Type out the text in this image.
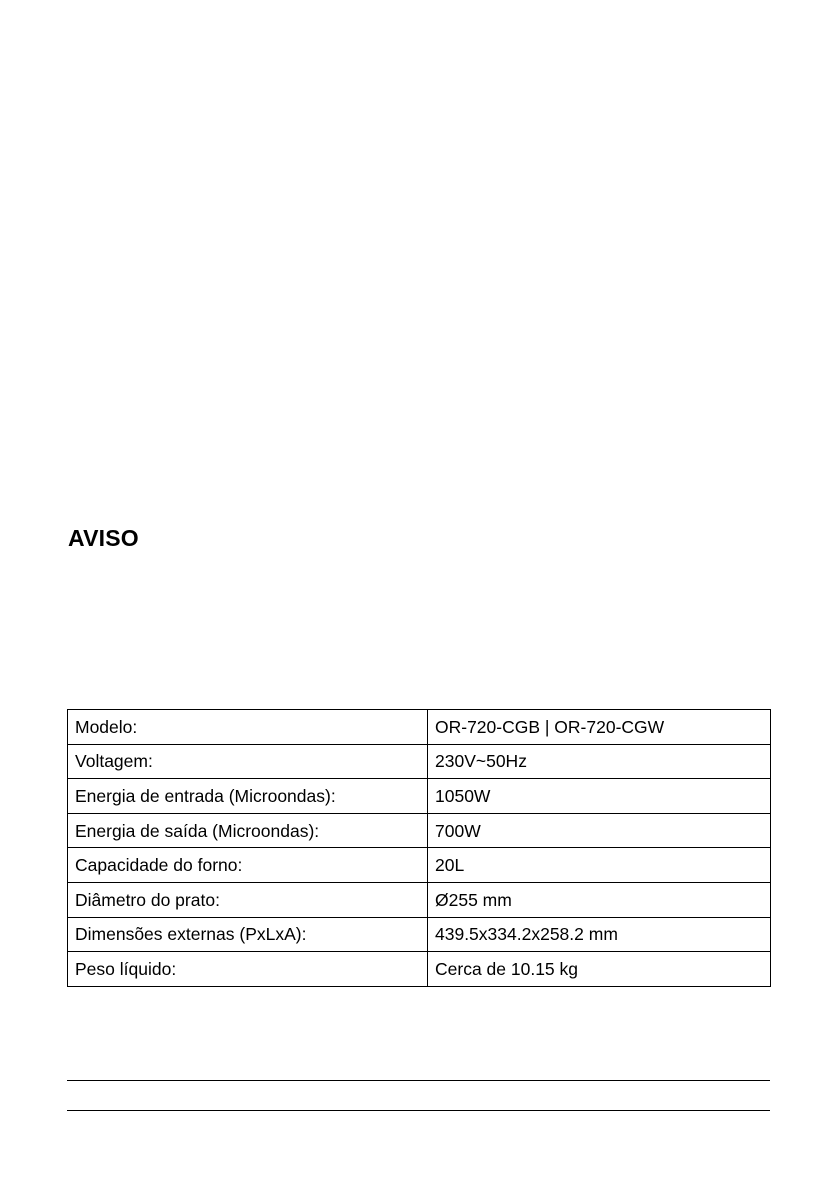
AVISO
Modelo:	OR-720-CGB | OR-720-CGW
Voltagem:	230V~50Hz
Energia de entrada (Microondas):	1050W
Energia de saída (Microondas):	700W
Capacidade do forno:	20L
Diâmetro do prato:	Ø255 mm
Dimensões externas (PxLxA):	439.5x334.2x258.2 mm
Peso líquido:	Cerca de 10.15 kg
